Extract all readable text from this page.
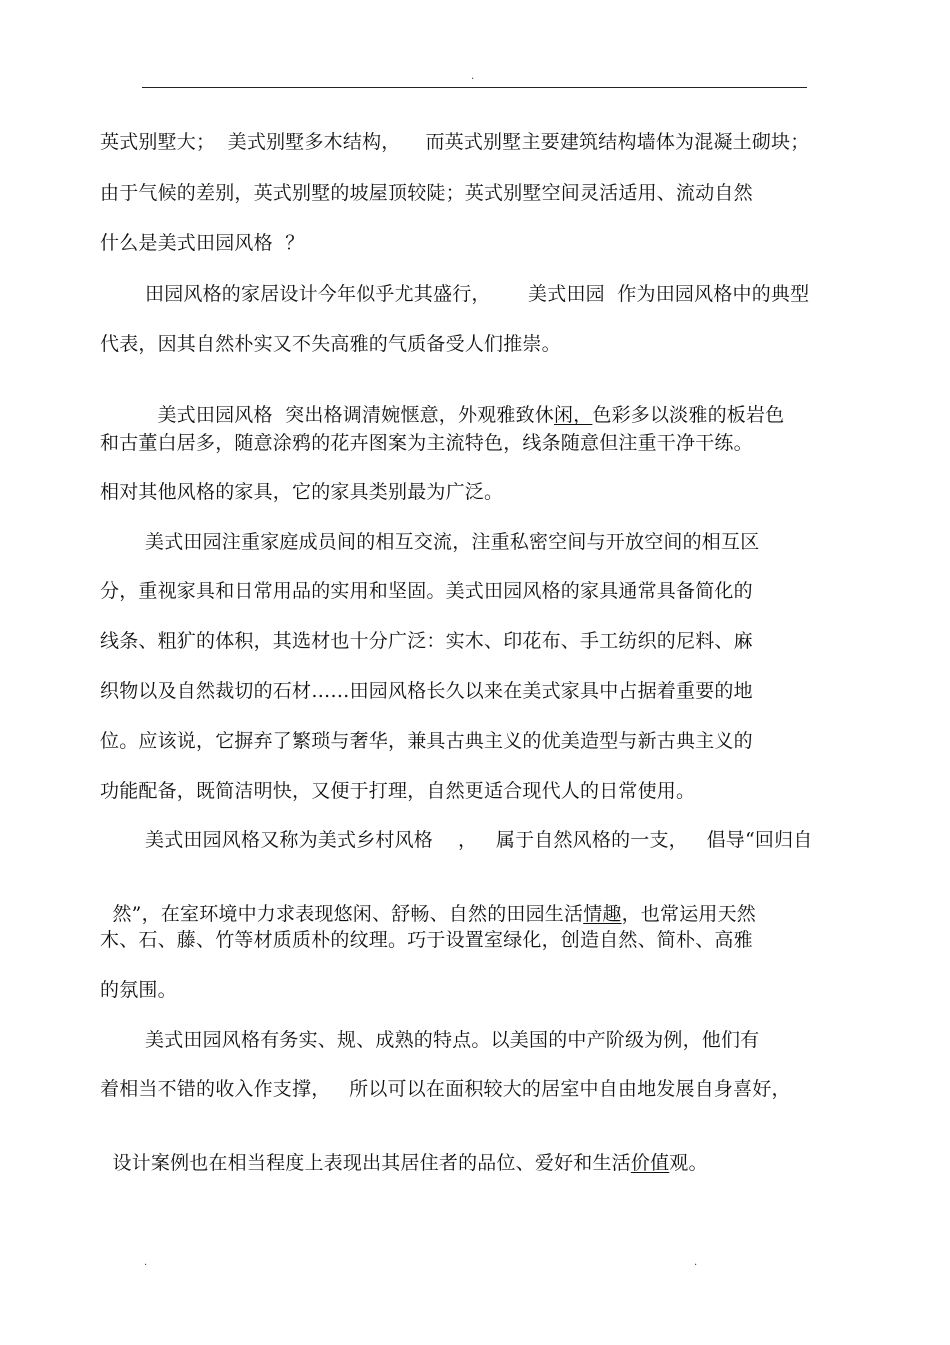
.
英式别墅大；  美式别墅多木结构，    而英式别墅主要建筑结构墙体为混凝土砌块；
由于气候的差别，英式别墅的坡屋顶较陡；英式别墅空间灵活适用、流动自然
什么是美式田园风格  ？
田园风格的家居设计今年似乎尤其盛行，      美式田园  作为田园风格中的典型
代表，因其自然朴实又不失高雅的气质备受人们推崇。

美式田园风格  突出格调清婉惬意，外观雅致休闲，色彩多以淡雅的板岩色

和古董白居多，随意涂鸦的花卉图案为主流特色，线条随意但注重干净干练。
相对其他风格的家具，它的家具类别最为广泛。
美式田园注重家庭成员间的相互交流，注重私密空间与开放空间的相互区
分，重视家具和日常用品的实用和坚固。美式田园风格的家具通常具备简化的
线条、粗犷的体积，其选材也十分广泛：实木、印花布、手工纺织的尼料、麻
织物以及自然裁切的石材……田园风格长久以来在美式家具中占据着重要的地
位。应该说，它摒弃了繁琐与奢华，兼具古典主义的优美造型与新古典主义的
功能配备，既简洁明快，又便于打理，自然更适合现代人的日常使用。
美式田园风格又称为美式乡村风格    ，   属于自然风格的一支，   倡导“回归自

然”，在室环境中力求表现悠闲、舒畅、自然的田园生活情趣，也常运用天然

木、石、藤、竹等材质质朴的纹理。巧于设置室绿化，创造自然、简朴、高雅
的氛围。
美式田园风格有务实、规、成熟的特点。以美国的中产阶级为例，他们有
着相当不错的收入作支撑，   所以可以在面积较大的居室中自由地发展自身喜好，

设计案例也在相当程度上表现出其居住者的品位、爱好和生活价值观。

.	.
